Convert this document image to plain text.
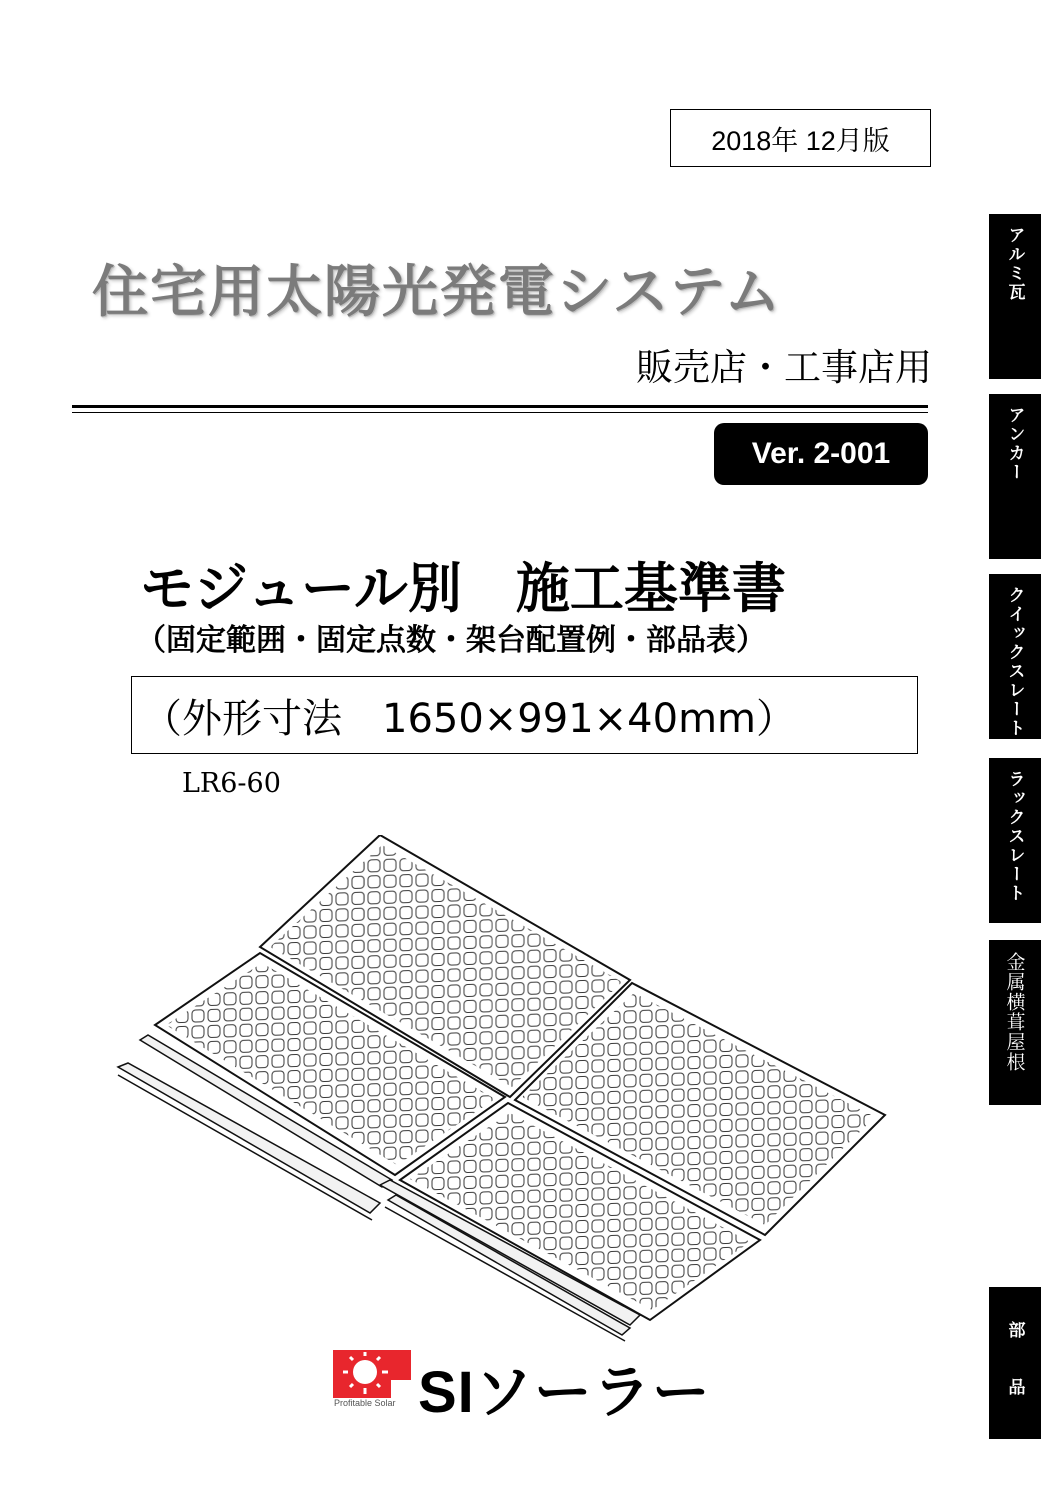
2018年 12月版
住宅用太陽光発電システム
販売店・工事店用
Ver. 2-001
モジュール別　施工基準書
（固定範囲・固定点数・架台配置例・部品表）
（外形寸法　1650×991×40mm）
LR6-60
アルミ瓦
アンカー
クイックスレート
ラックスレート
金属横葺屋根
部　　品
SIソーラー
Profitable Solar
